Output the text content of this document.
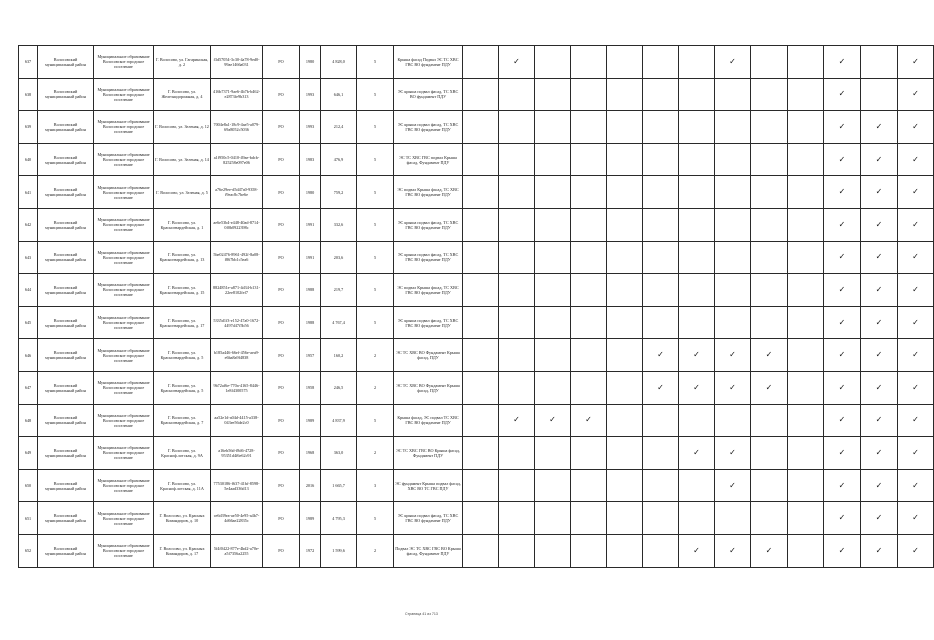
637	Волосовский муниципальный район	Муниципальное образование Волосовское городское поселение	Г. Волосово, ул. Гагаринская, д. 2	f3d57054-3c30-4a78-9ed0-99ae1466a031	РО	1980	4 828,0	5	Крыша фасад Подвал ЭС ТС ХВС ГВС ВО фундамент ПДУ		✓						✓			✓		✓
638	Волосовский муниципальный район	Муниципальное образование Волосовское городское поселение	Г. Волосово, ул. Железнодорожная, д. 4	416b7371-9ae6-4b7b-b462-e2873fe9b313	РО	1993	646,1	5	ЭС крыша подвал фасад, ТС ХВС ВО фундамент ПДУ											✓		✓
639	Волосовский муниципальный район	Муниципальное образование Волосовское городское поселение	Г. Волосово, ул. Зеленая, д. 12	7004e8a1-18c9-4ae5-a079-69a8052c5036	РО	1993	212,4	5	ЭС крыша подвал фасад, ТС ХВС ГВС ВО фундамент ПДУ											✓	✓	✓
640	Волосовский муниципальный район	Муниципальное образование Волосовское городское поселение	Г. Волосово, ул. Зеленая, д. 14	a1f950c5-0410-49ae-bdcb-825258e097e06	РО	1983	476,9	5	ЭС ТС ХВС ГВС подвал Крыша фасад, Фундамент ПДУ											✓	✓	✓
641	Волосовский муниципальный район	Муниципальное образование Волосовское городское поселение	Г. Волосово, ул. Зеленая, д. 5	a76e29ee-d5d47a0-9358-f9eac8c7be6e	РО	1980	759,2	5	ЭС подвал Крыша фасад, ТС ХВС ГВС ВО фундамент ПДУ											✓	✓	✓
642	Волосовский муниципальный район	Муниципальное образование Волосовское городское поселение	Г. Волосово, ул. Красногвардейская, д. 1	ae6e53b4-e448-40ad-8714-0f0b0922398c	РО	1991	332,6	5	ЭС крыша подвал фасад, ТС ХВС ГВС ВО фундамент ПДУ											✓	✓	✓
643	Волосовский муниципальный район	Муниципальное образование Волосовское городское поселение	Г. Волосово, ул. Красногвардейская, д. 13	5be02476-8961-492f-8a08-f867bb1c5ea6	РО	1991	203,6	5	ЭС крыша подвал фасад, ТС ХВС ГВС ВО фундамент ПДУ											✓	✓	✓
644	Волосовский муниципальный район	Муниципальное образование Волосовское городское поселение	Г. Волосово, ул. Красногвардейская, д. 15	8824851e-a871-4d34-b131-22ee8102fef7	РО	1988	219,7	5	ЭС подвал Крыша фасад, ТС ХВС ГВС ВО фундамент ПДУ											✓	✓	✓
645	Волосовский муниципальный район	Муниципальное образование Волосовское городское поселение	Г. Волосово, ул. Красногвардейская, д. 17	5335d1f3-e152-47a0-1672-4497d47f5b56	РО	1988	4 767,4	5	ЭС крыша подвал фасад, ТС ХВС ГВС ВО фундамент ПДУ											✓	✓	✓
646	Волосовский муниципальный район	Муниципальное образование Волосовское городское поселение	Г. Волосово, ул. Красногвардейская, д. 5	b185a446-66ef-456e-aea9-e6ba8a9f4838	РО	1957	160,2	2	ЭС ТС ХВС ВО Фундамент Крыша фасад, ПДУ						✓	✓	✓	✓		✓	✓	✓
647	Волосовский муниципальный район	Муниципальное образование Волосовское городское поселение	Г. Волосово, ул. Красногвардейская, д. 5	9b72af6e-770a-4165-8446-1e8f4300575	РО	1958	246,5	2	ЭС ТС ХВС ВО Фундамент Крыша фасад, ПДУ						✓	✓	✓	✓		✓	✓	✓
648	Волосовский муниципальный район	Муниципальное образование Волосовское городское поселение	Г. Волосово, ул. Красногвардейская, д. 7	aa52e1d-a04d-4415-a338-043ee56de2c0	РО	1989	4 837,9	5	Крыша фасад, ЭС подвал ТС ХВС ГВС ВО фундамент ПДУ		✓	✓	✓							✓	✓	✓
649	Волосовский муниципальный район	Муниципальное образование Волосовское городское поселение	Г. Волосово, ул. Красноф.лотская, д. 9А	a16eb56d-f8d6-4728-95351d4f6e62c91	РО	1968	363,0	2	ЭС ТС ХВС ГВС ВО Крыша фасад, Фундамент ПДУ							✓	✓			✓	✓	✓
650	Волосовский муниципальный район	Муниципальное образование Волосовское городское поселение	Г. Волосово, ул. Красноф.лотская, д. 11А	77530186-f637-41bf-8598-5e4aad336d13	РО	2016	1 665,7	3	ЭС фундамент Крыша подвал фасад, ХВС ВО ТС ГВС ПДУ								✓			✓	✓	✓
651	Волосовский муниципальный район	Муниципальное образование Волосовское городское поселение	Г. Волосово, ул. Красных Командиров, д. 10	ce6d39ea-ae50-4e95-a4b7-4d66ae22835c	РО	1989	4 795,3	5	ЭС крыша подвал фасад, ТС ХВС ГВС ВО фундамент ПДУ											✓	✓	✓
652	Волосовский муниципальный район	Муниципальное образование Волосовское городское поселение	Г. Волосово, ул. Красных Командиров, д. 17	5f4f0422-877e-4bd2-a70e-a5f7356a2255	РО	1972	1 599,6	2	Подвал ЭС ТС ХВС ГВС ВО Крыша фасад, Фундамент ПДУ							✓	✓	✓		✓	✓	✓
Страница 41 из 713
